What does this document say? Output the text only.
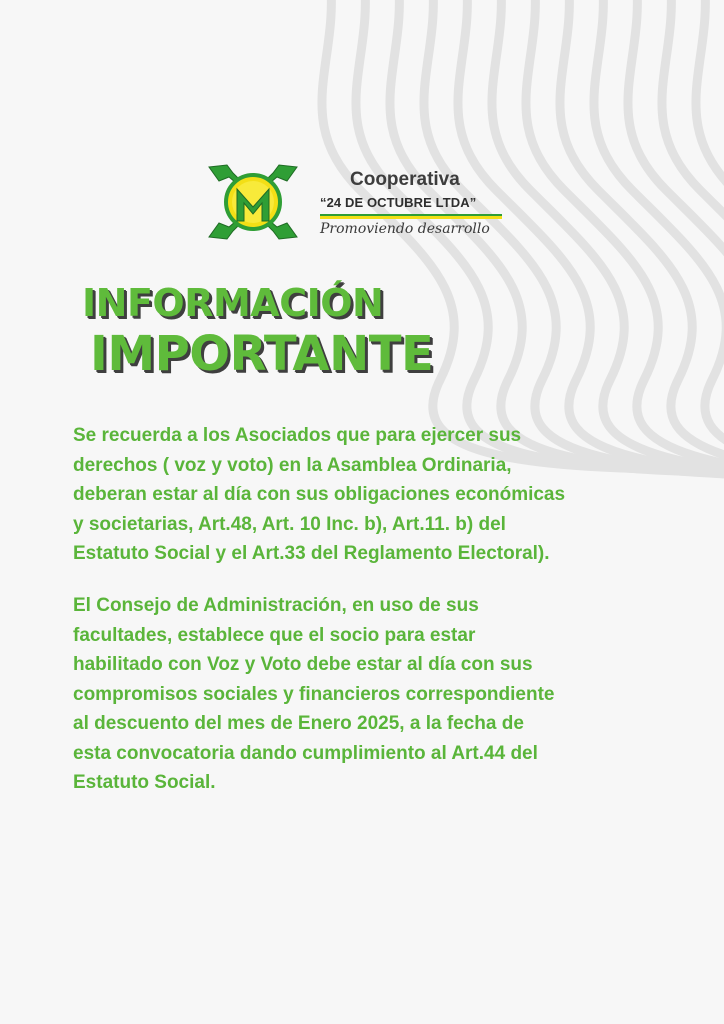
Cooperativa
“24 DE OCTUBRE LTDA”
Promoviendo desarrollo
INFORMACIÓN
IMPORTANTE
Se recuerda a los Asociados que para ejercer sus
derechos ( voz y voto) en la Asamblea Ordinaria,
deberan estar al día con sus obligaciones económicas
y societarias, Art.48, Art. 10 Inc. b), Art.11. b) del
Estatuto Social y el Art.33 del Reglamento Electoral).
El Consejo de Administración, en uso de sus
facultades, establece que el socio para estar
habilitado con Voz y Voto debe estar al día con sus
compromisos sociales y financieros correspondiente
al descuento del mes de Enero 2025, a la fecha de
esta convocatoria dando cumplimiento al Art.44 del
Estatuto Social.
